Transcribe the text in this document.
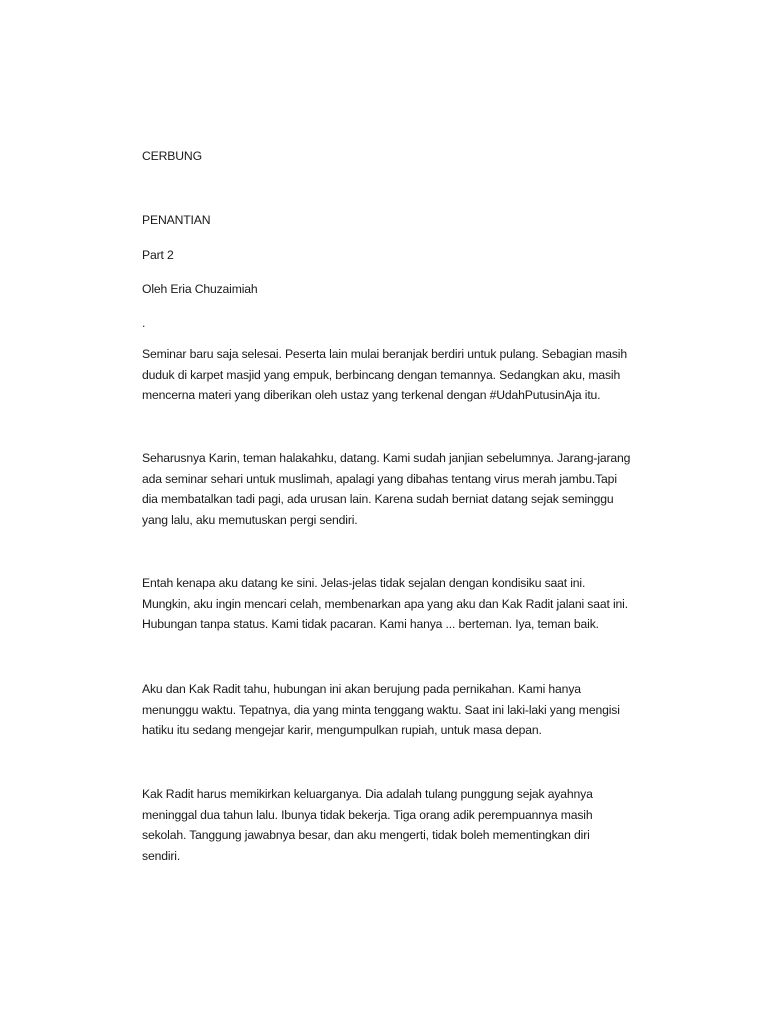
CERBUNG
PENANTIAN
Part 2
Oleh Eria Chuzaimiah
.
Seminar baru saja selesai. Peserta lain mulai beranjak berdiri untuk pulang. Sebagian masih
duduk di karpet masjid yang empuk, berbincang dengan temannya. Sedangkan aku, masih
mencerna materi yang diberikan oleh ustaz yang terkenal dengan #UdahPutusinAja itu.
Seharusnya Karin, teman halakahku, datang. Kami sudah janjian sebelumnya. Jarang-jarang
ada seminar sehari untuk muslimah, apalagi yang dibahas tentang virus merah jambu.Tapi
dia membatalkan tadi pagi, ada urusan lain. Karena sudah berniat datang sejak seminggu
yang lalu, aku memutuskan pergi sendiri.
Entah kenapa aku datang ke sini. Jelas-jelas tidak sejalan dengan kondisiku saat ini.
Mungkin, aku ingin mencari celah, membenarkan apa yang aku dan Kak Radit jalani saat ini.
Hubungan tanpa status. Kami tidak pacaran. Kami hanya ... berteman. Iya, teman baik.
Aku dan Kak Radit tahu, hubungan ini akan berujung pada pernikahan. Kami hanya
menunggu waktu. Tepatnya, dia yang minta tenggang waktu. Saat ini laki-laki yang mengisi
hatiku itu sedang mengejar karir, mengumpulkan rupiah, untuk masa depan.
Kak Radit harus memikirkan keluarganya. Dia adalah tulang punggung sejak ayahnya
meninggal dua tahun lalu. Ibunya tidak bekerja. Tiga orang adik perempuannya masih
sekolah. Tanggung jawabnya besar, dan aku mengerti, tidak boleh mementingkan diri
sendiri.
